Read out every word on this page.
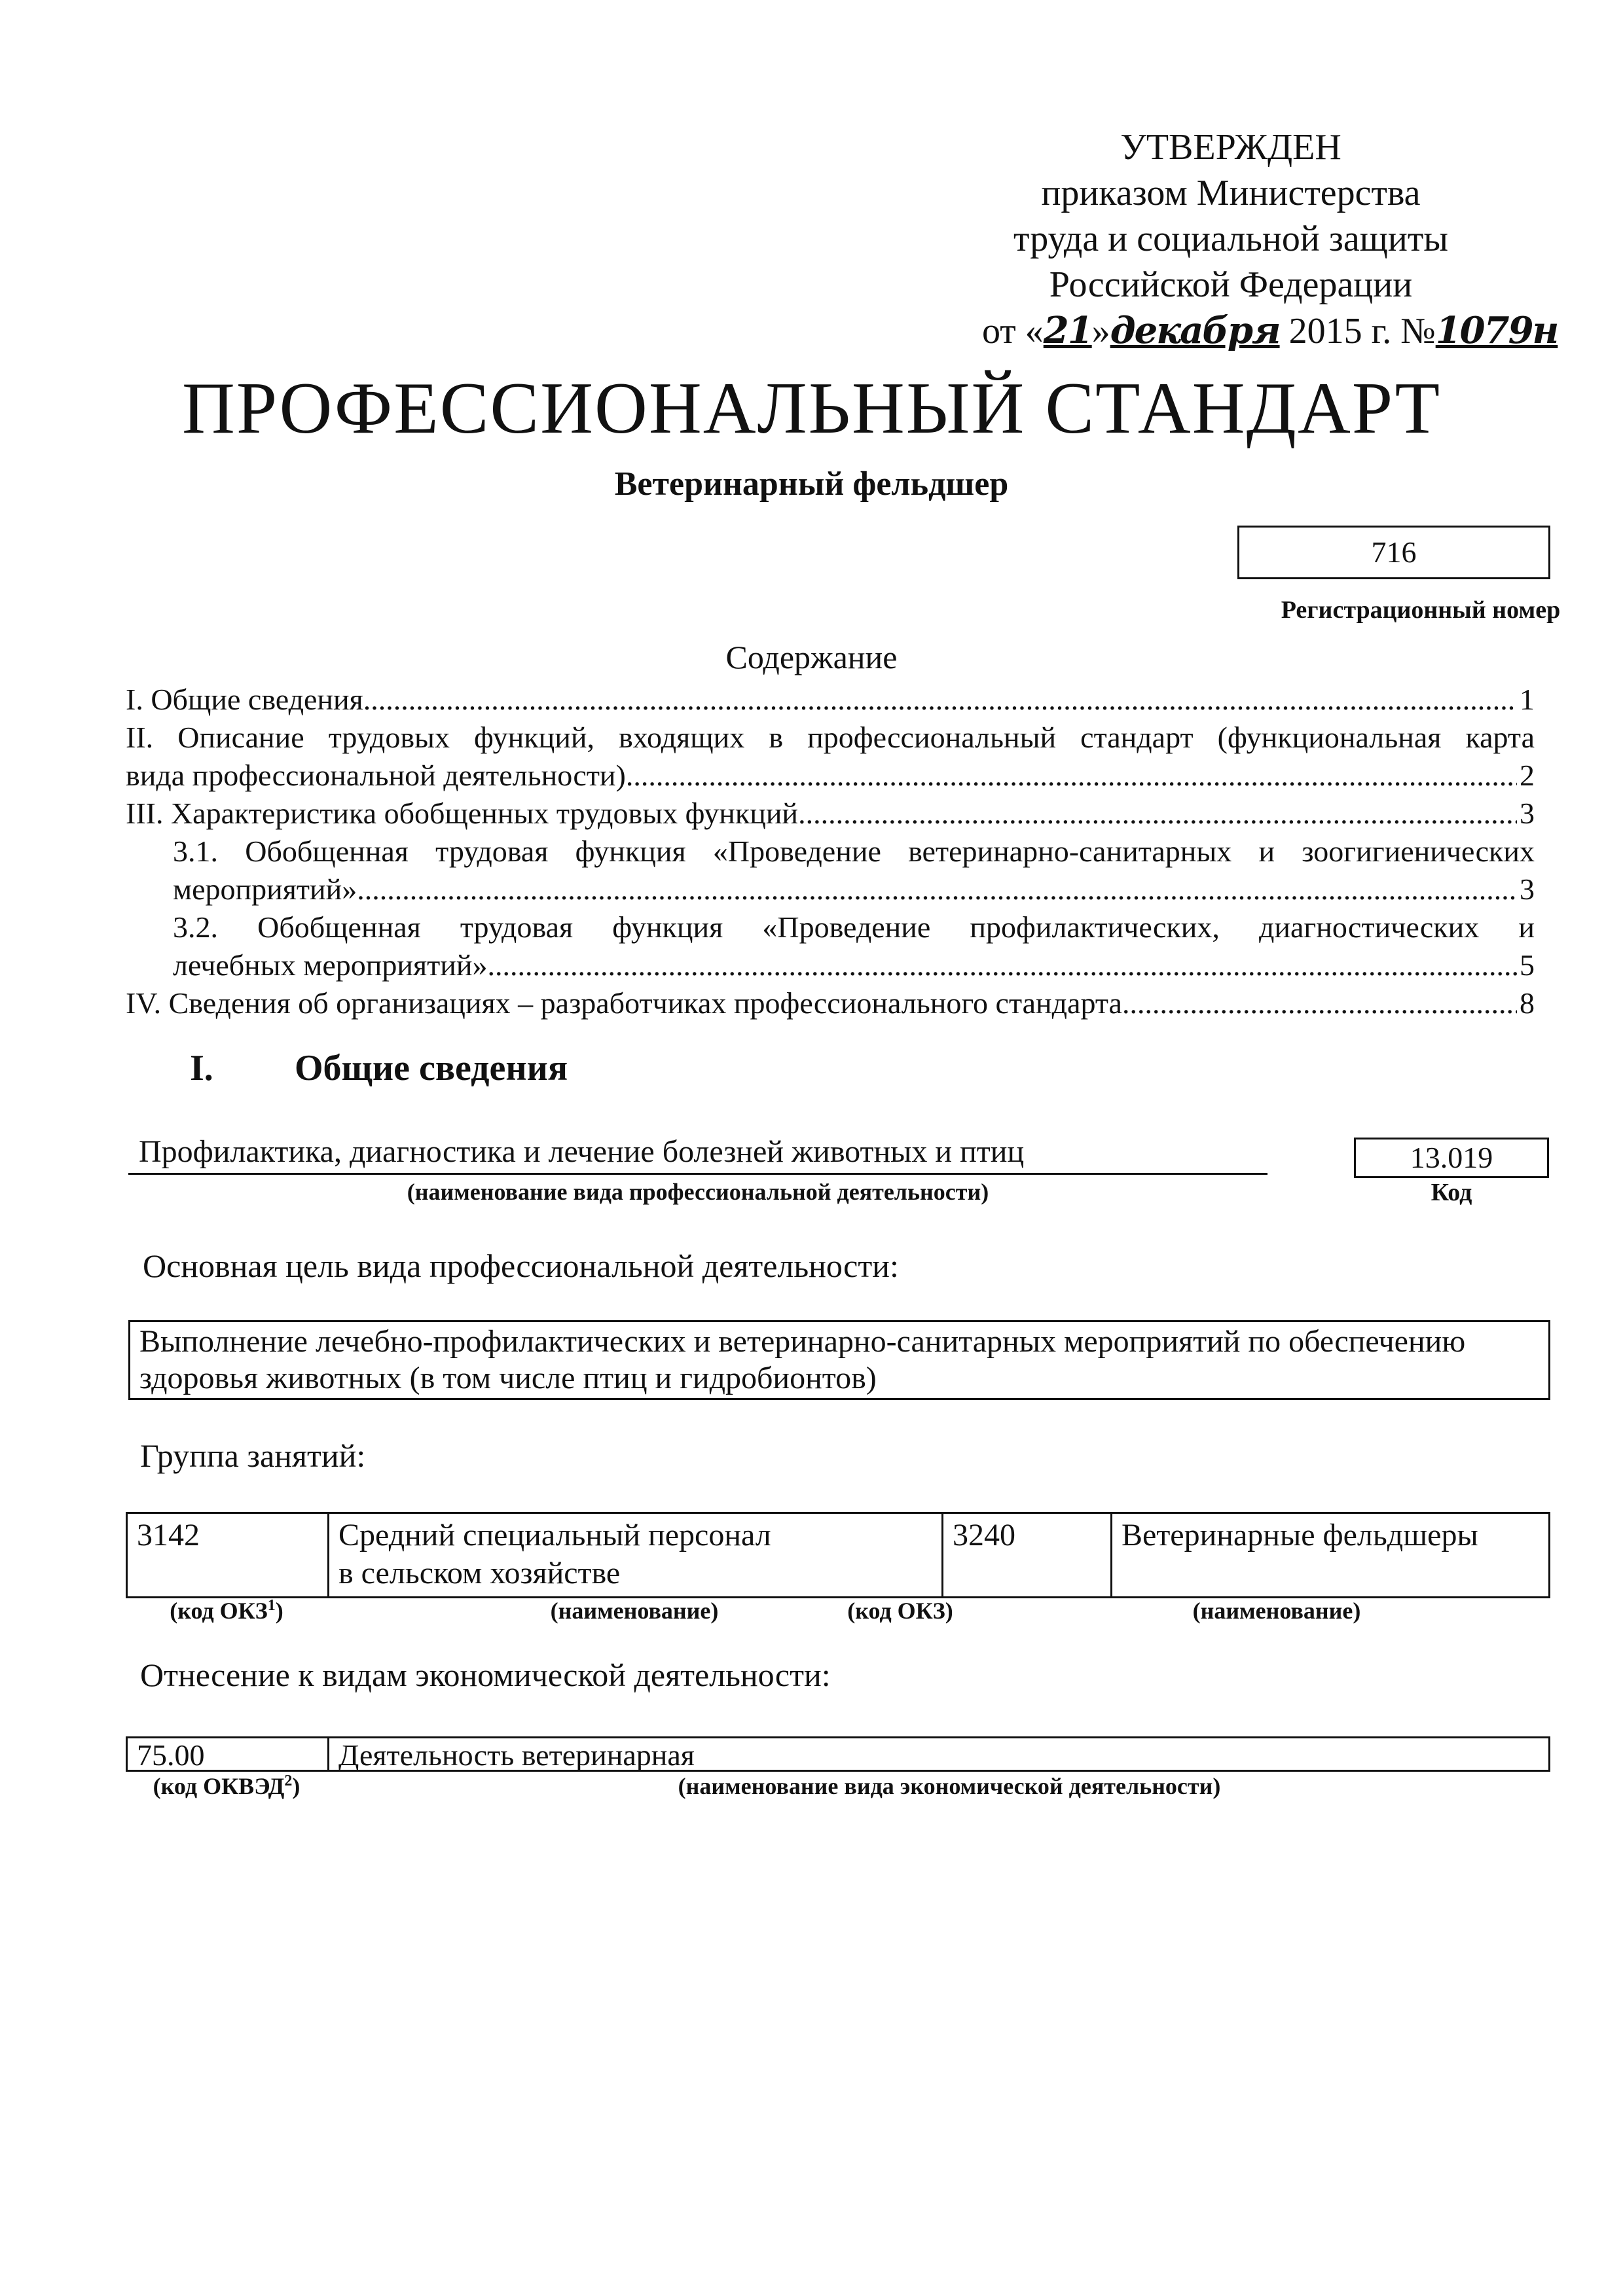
УТВЕРЖДЕН
приказом Министерства
труда и социальной защиты
Российской Федерации
от «21»декабря 2015 г. №1079н
ПРОФЕССИОНАЛЬНЫЙ СТАНДАРТ
Ветеринарный фельдшер
716
Регистрационный номер
Содержание
I. Общие сведения .....	1
II. Описание трудовых функций, входящих в профессиональный стандарт (функциональная карта
вида профессиональной деятельности) .....	2
III. Характеристика обобщенных трудовых функций .....	3
3.1. Обобщенная трудовая функция «Проведение ветеринарно-санитарных и зоогигиенических
мероприятий» .....	3
3.2. Обобщенная трудовая функция «Проведение профилактических, диагностических и
лечебных мероприятий» .....	5
IV. Сведения об организациях – разработчиках профессионального стандарта .....	8
I. Общие сведения
Профилактика, диагностика и лечение болезней животных и птиц
(наименование вида профессиональной деятельности)
13.019
Код
Основная цель вида профессиональной деятельности:
Выполнение лечебно-профилактических и ветеринарно-санитарных мероприятий по обеспечению
здоровья животных (в том числе птиц и гидробионтов)
Группа занятий:
3142	Средний специальный персонал
в сельском хозяйстве
3240	Ветеринарные фельдшеры
(код ОКЗ$^1$)	(наименование)	(код ОКЗ)	(наименование)
Отнесение к видам экономической деятельности:
75.00	Деятельность ветеринарная
(код ОКВЭД$^2$)	(наименование вида экономической деятельности)
